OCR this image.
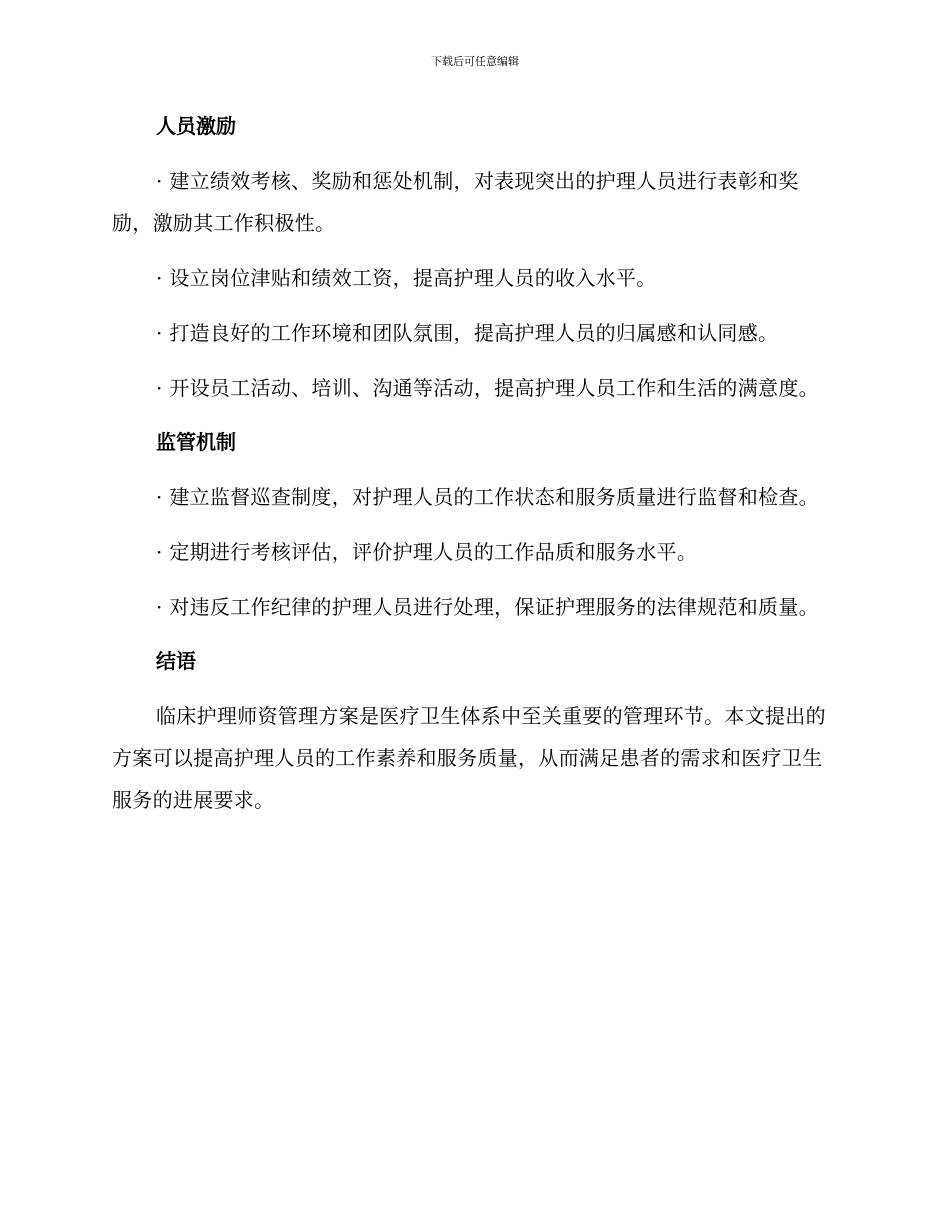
下载后可任意编辑
人员激励

· 建立绩效考核、奖励和惩处机制，对表现突出的护理人员进行表彰和奖励，激励其工作积极性。

· 设立岗位津贴和绩效工资，提高护理人员的收入水平。

· 打造良好的工作环境和团队氛围，提高护理人员的归属感和认同感。

· 开设员工活动、培训、沟通等活动，提高护理人员工作和生活的满意度。

监管机制

· 建立监督巡查制度，对护理人员的工作状态和服务质量进行监督和检查。

· 定期进行考核评估，评价护理人员的工作品质和服务水平。

· 对违反工作纪律的护理人员进行处理，保证护理服务的法律规范和质量。

结语

临床护理师资管理方案是医疗卫生体系中至关重要的管理环节。本文提出的方案可以提高护理人员的工作素养和服务质量，从而满足患者的需求和医疗卫生服务的进展要求。
